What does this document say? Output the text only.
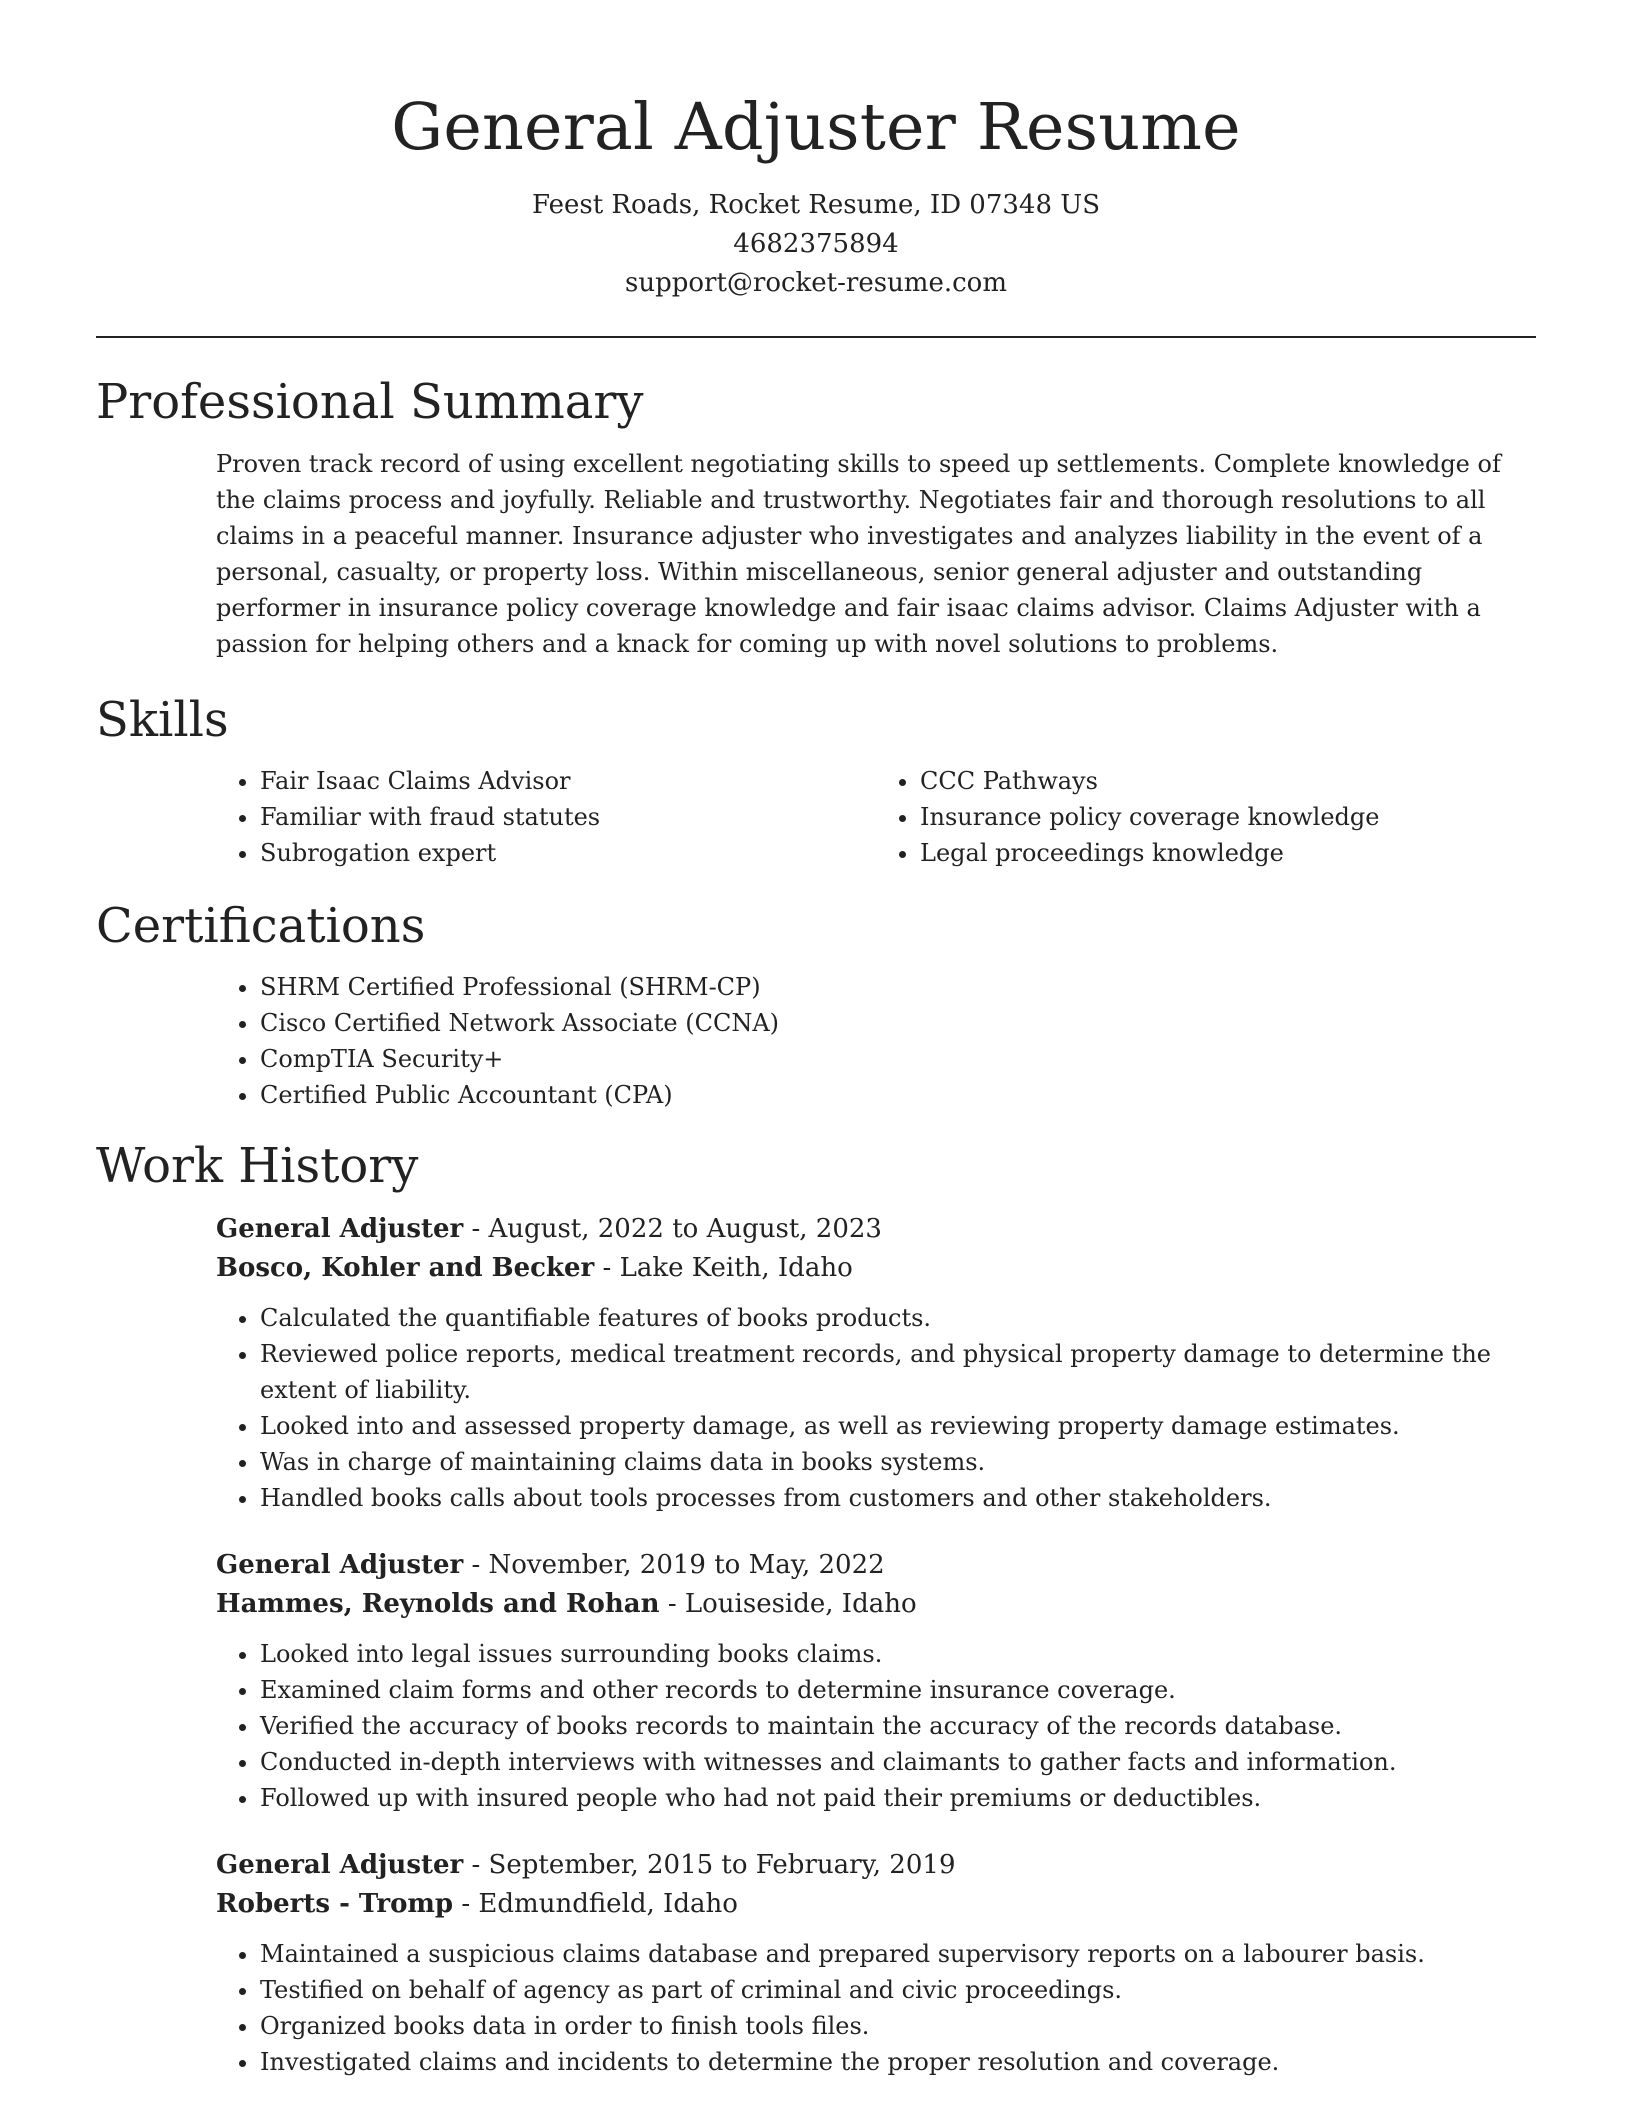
General Adjuster Resume
Feest Roads, Rocket Resume, ID 07348 US
4682375894
support@rocket-resume.com
Professional Summary

Proven track record of using excellent negotiating skills to speed up settlements. Complete knowledge of the claims process and joyfully. Reliable and trustworthy. Negotiates fair and thorough resolutions to all claims in a peaceful manner. Insurance adjuster who investigates and analyzes liability in the event of a personal, casualty, or property loss. Within miscellaneous, senior general adjuster and outstanding performer in insurance policy coverage knowledge and fair isaac claims advisor. Claims Adjuster with a passion for helping others and a knack for coming up with novel solutions to problems.

Skills
• Fair Isaac Claims Advisor
• Familiar with fraud statutes
• Subrogation expert
• CCC Pathways
• Insurance policy coverage knowledge
• Legal proceedings knowledge
Certifications
• SHRM Certified Professional (SHRM-CP)
• Cisco Certified Network Associate (CCNA)
• CompTIA Security+
• Certified Public Accountant (CPA)
Work History
General Adjuster - August, 2022 to August, 2023
Bosco, Kohler and Becker - Lake Keith, Idaho
• Calculated the quantifiable features of books products.
• Reviewed police reports, medical treatment records, and physical property damage to determine the extent of liability.
• Looked into and assessed property damage, as well as reviewing property damage estimates.
• Was in charge of maintaining claims data in books systems.
• Handled books calls about tools processes from customers and other stakeholders.
General Adjuster - November, 2019 to May, 2022
Hammes, Reynolds and Rohan - Louiseside, Idaho
• Looked into legal issues surrounding books claims.
• Examined claim forms and other records to determine insurance coverage.
• Verified the accuracy of books records to maintain the accuracy of the records database.
• Conducted in-depth interviews with witnesses and claimants to gather facts and information.
• Followed up with insured people who had not paid their premiums or deductibles.
General Adjuster - September, 2015 to February, 2019
Roberts - Tromp - Edmundfield, Idaho
• Maintained a suspicious claims database and prepared supervisory reports on a labourer basis.
• Testified on behalf of agency as part of criminal and civic proceedings.
• Organized books data in order to finish tools files.
• Investigated claims and incidents to determine the proper resolution and coverage.
